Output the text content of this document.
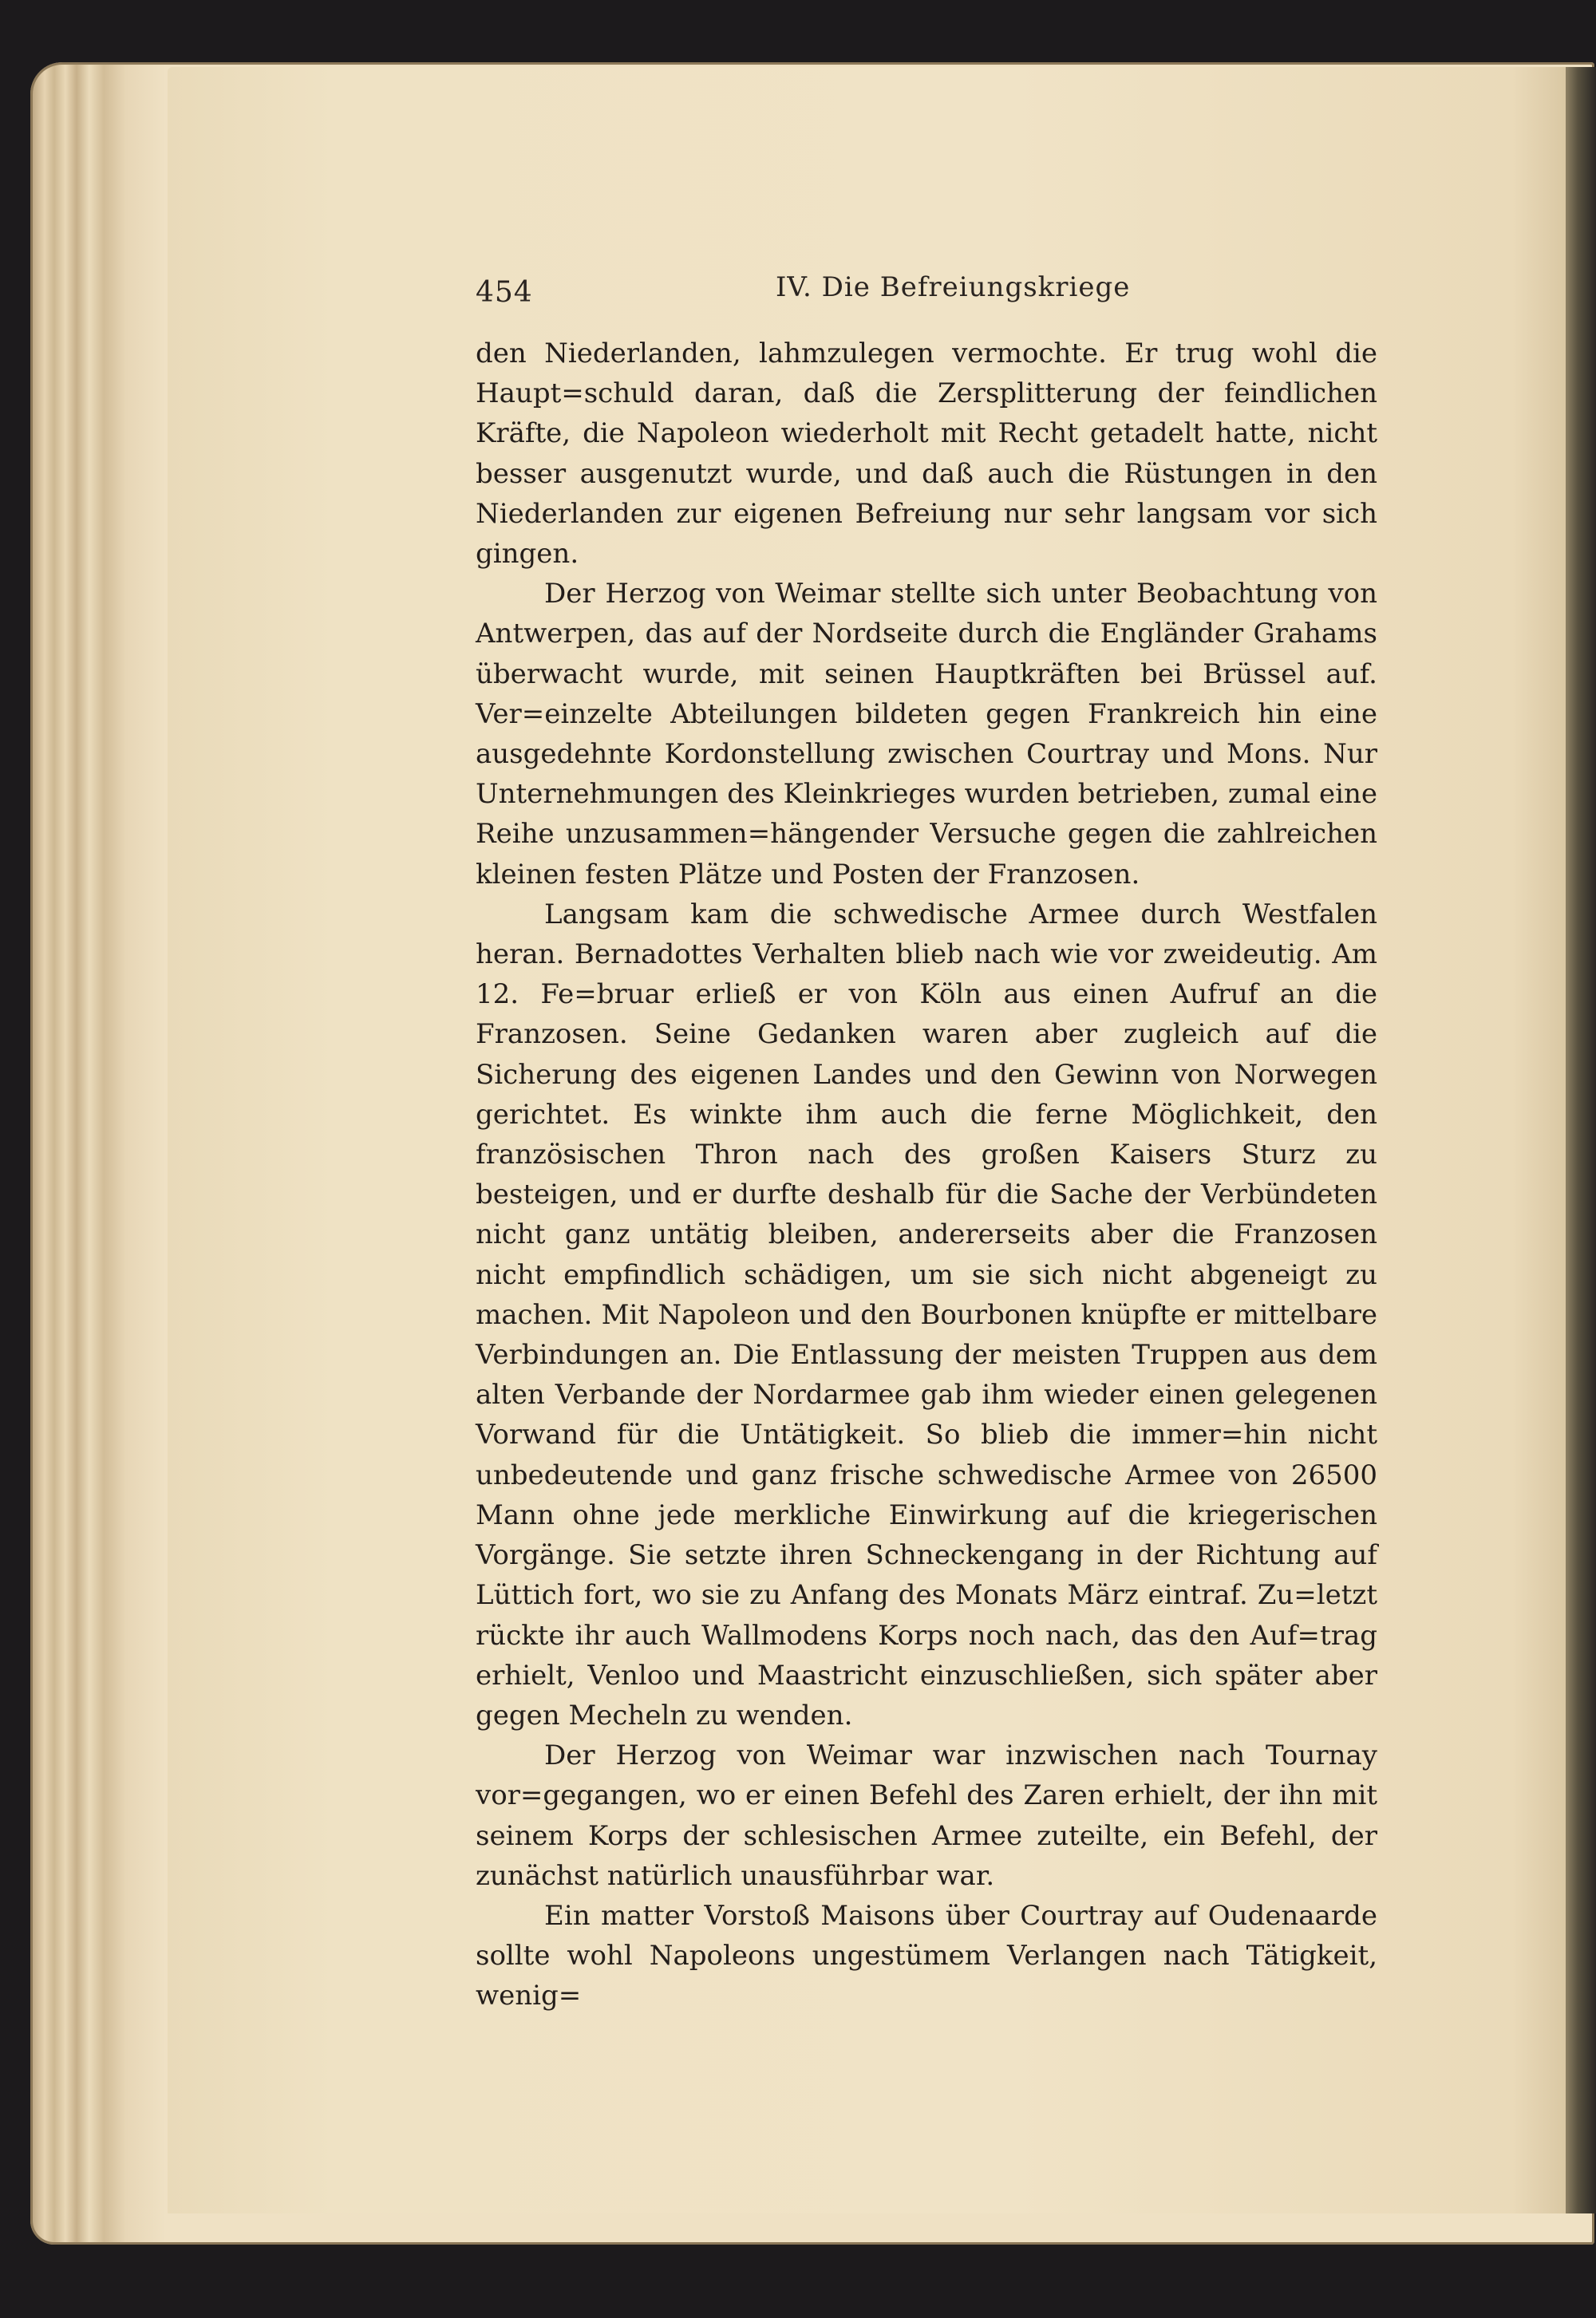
454	IV. Die Befreiungskriege

den Niederlanden, lahmzulegen vermochte. Er trug wohl die Haupt=schuld daran, daß die Zersplitterung der feindlichen Kräfte, die Napoleon wiederholt mit Recht getadelt hatte, nicht besser ausgenutzt wurde, und daß auch die Rüstungen in den Niederlanden zur eigenen Befreiung nur sehr langsam vor sich gingen.

Der Herzog von Weimar stellte sich unter Beobachtung von Antwerpen, das auf der Nordseite durch die Engländer Grahams überwacht wurde, mit seinen Hauptkräften bei Brüssel auf. Ver=einzelte Abteilungen bildeten gegen Frankreich hin eine ausgedehnte Kordonstellung zwischen Courtray und Mons. Nur Unternehmungen des Kleinkrieges wurden betrieben, zumal eine Reihe unzusammen=hängender Versuche gegen die zahlreichen kleinen festen Plätze und Posten der Franzosen.

Langsam kam die schwedische Armee durch Westfalen heran. Bernadottes Verhalten blieb nach wie vor zweideutig. Am 12. Fe=bruar erließ er von Köln aus einen Aufruf an die Franzosen. Seine Gedanken waren aber zugleich auf die Sicherung des eigenen Landes und den Gewinn von Norwegen gerichtet. Es winkte ihm auch die ferne Möglichkeit, den französischen Thron nach des großen Kaisers Sturz zu besteigen, und er durfte deshalb für die Sache der Verbündeten nicht ganz untätig bleiben, andererseits aber die Franzosen nicht empfindlich schädigen, um sie sich nicht abgeneigt zu machen. Mit Napoleon und den Bourbonen knüpfte er mittelbare Verbindungen an. Die Entlassung der meisten Truppen aus dem alten Verbande der Nordarmee gab ihm wieder einen gelegenen Vorwand für die Untätigkeit. So blieb die immer=hin nicht unbedeutende und ganz frische schwedische Armee von 26500 Mann ohne jede merkliche Einwirkung auf die kriegerischen Vorgänge. Sie setzte ihren Schneckengang in der Richtung auf Lüttich fort, wo sie zu Anfang des Monats März eintraf. Zu=letzt rückte ihr auch Wallmodens Korps noch nach, das den Auf=trag erhielt, Venloo und Maastricht einzuschließen, sich später aber gegen Mecheln zu wenden.

Der Herzog von Weimar war inzwischen nach Tournay vor=gegangen, wo er einen Befehl des Zaren erhielt, der ihn mit seinem Korps der schlesischen Armee zuteilte, ein Befehl, der zunächst natürlich unausführbar war.

Ein matter Vorstoß Maisons über Courtray auf Oudenaarde sollte wohl Napoleons ungestümem Verlangen nach Tätigkeit, wenig=
